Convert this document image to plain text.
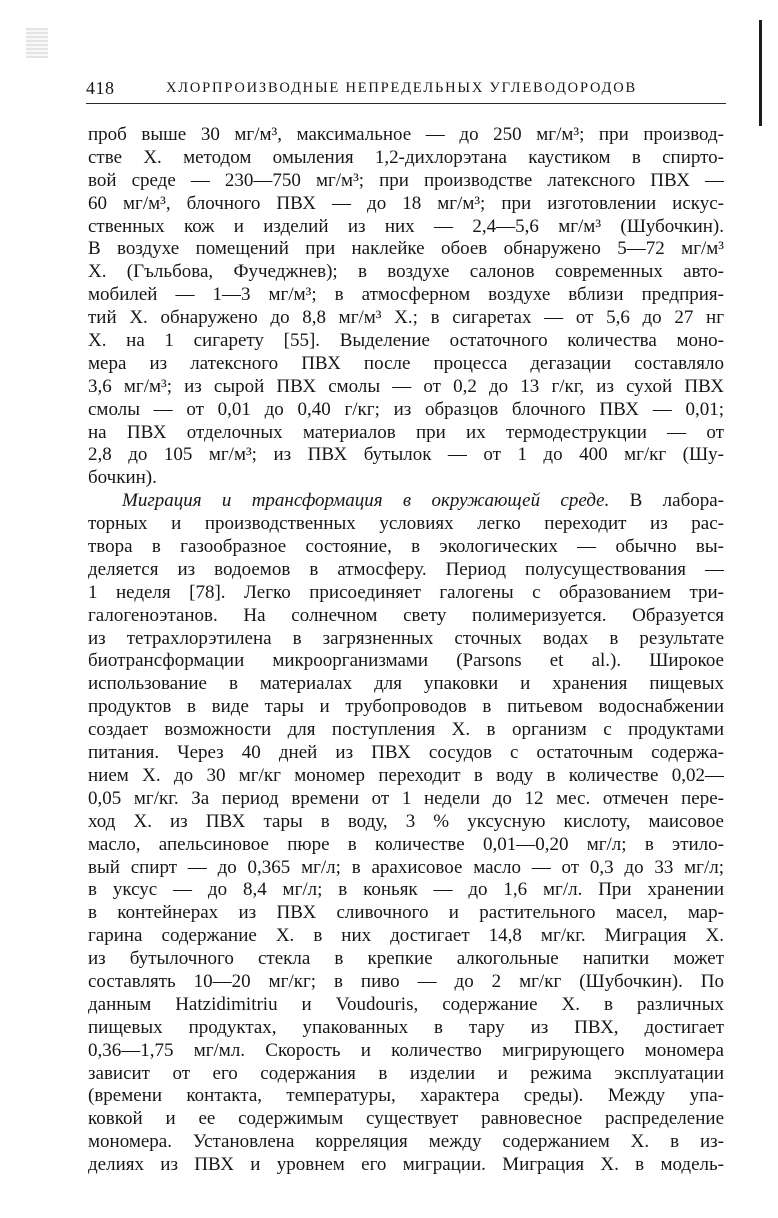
418	ХЛОРПРОИЗВОДНЫЕ НЕПРЕДЕЛЬНЫХ УГЛЕВОДОРОДОВ
проб выше 30 мг/м³, максимальное — до 250 мг/м³; при производ-
стве Х. методом омыления 1,2-дихлорэтана каустиком в спирто-
вой среде — 230—750 мг/м³; при производстве латексного ПВХ —
60 мг/м³, блочного ПВХ — до 18 мг/м³; при изготовлении искус-
ственных кож и изделий из них — 2,4—5,6 мг/м³ (Шубочкин).
В воздухе помещений при наклейке обоев обнаружено 5—72 мг/м³
Х. (Гъльбова, Фучеджнев); в воздухе салонов современных авто-
мобилей — 1—3 мг/м³; в атмосферном воздухе вблизи предприя-
тий Х. обнаружено до 8,8 мг/м³ Х.; в сигаретах — от 5,6 до 27 нг
Х. на 1 сигарету [55]. Выделение остаточного количества моно-
мера из латексного ПВХ после процесса дегазации составляло
3,6 мг/м³; из сырой ПВХ смолы — от 0,2 до 13 г/кг, из сухой ПВХ
смолы — от 0,01 до 0,40 г/кг; из образцов блочного ПВХ — 0,01;
на ПВХ отделочных материалов при их термодеструкции — от
2,8 до 105 мг/м³; из ПВХ бутылок — от 1 до 400 мг/кг (Шу-
бочкин).
Миграция и трансформация в окружающей среде. В лабора-
торных и производственных условиях легко переходит из рас-
твора в газообразное состояние, в экологических — обычно вы-
деляется из водоемов в атмосферу. Период полусуществования —
1 неделя [78]. Легко присоединяет галогены с образованием три-
галогеноэтанов. На солнечном свету полимеризуется. Образуется
из тетрахлорэтилена в загрязненных сточных водах в результате
биотрансформации микроорганизмами (Parsons et al.). Широкое
использование в материалах для упаковки и хранения пищевых
продуктов в виде тары и трубопроводов в питьевом водоснабжении
создает возможности для поступления Х. в организм с продуктами
питания. Через 40 дней из ПВХ сосудов с остаточным содержа-
нием Х. до 30 мг/кг мономер переходит в воду в количестве 0,02—
0,05 мг/кг. За период времени от 1 недели до 12 мес. отмечен пере-
ход Х. из ПВХ тары в воду, 3 % уксусную кислоту, маисовое
масло, апельсиновое пюре в количестве 0,01—0,20 мг/л; в этило-
вый спирт — до 0,365 мг/л; в арахисовое масло — от 0,3 до 33 мг/л;
в уксус — до 8,4 мг/л; в коньяк — до 1,6 мг/л. При хранении
в контейнерах из ПВХ сливочного и растительного масел, мар-
гарина содержание Х. в них достигает 14,8 мг/кг. Миграция Х.
из бутылочного стекла в крепкие алкогольные напитки может
составлять 10—20 мг/кг; в пиво — до 2 мг/кг (Шубочкин). По
данным Hatzidimitriu и Voudouris, содержание Х. в различных
пищевых продуктах, упакованных в тару из ПВХ, достигает
0,36—1,75 мг/мл. Скорость и количество мигрирующего мономера
зависит от его содержания в изделии и режима эксплуатации
(времени контакта, температуры, характера среды). Между упа-
ковкой и ее содержимым существует равновесное распределение
мономера. Установлена корреляция между содержанием Х. в из-
делиях из ПВХ и уровнем его миграции. Миграция Х. в модель-
